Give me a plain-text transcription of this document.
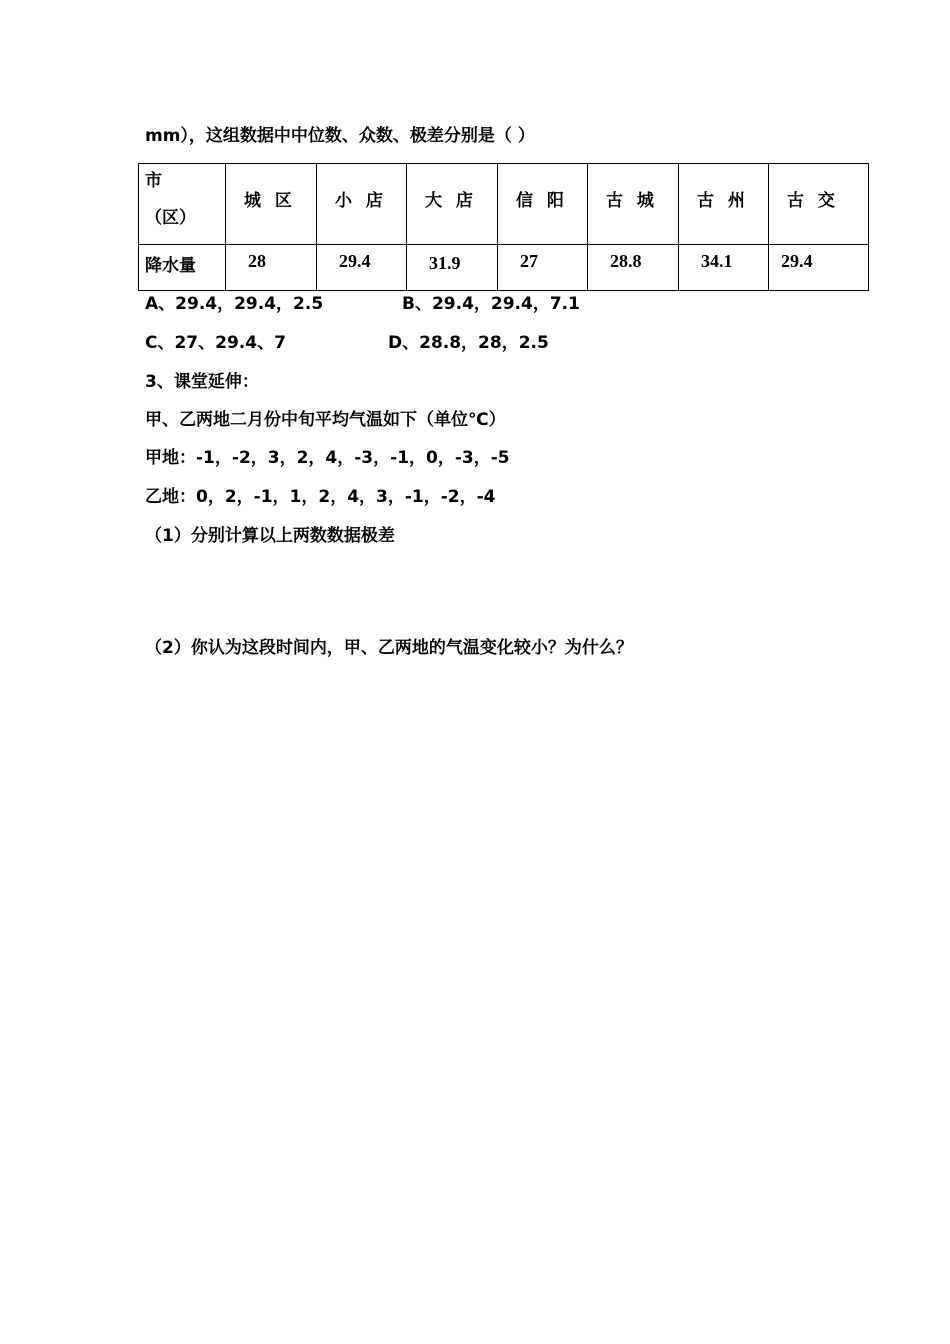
mm），这组数据中中位数、众数、极差分别是（ ）
市
（区）	城 区	小 店	大 店	信 阳	古 城	古 州	古 交

降水量	28	29.4	31.9	27	28.8	34.1	29.4
A、29.4，29.4，2.5	B、29.4，29.4，7.1
C、27、29.4、7	D、28.8，28，2.5
3、课堂延伸：
甲、乙两地二月份中旬平均气温如下（单位℃）
甲地：-1，-2，3，2，4，-3，-1，0，-3，-5
乙地：0，2，-1，1，2，4，3，-1，-2，-4
（1）分别计算以上两数数据极差
（2）你认为这段时间内，甲、乙两地的气温变化较小？为什么？
